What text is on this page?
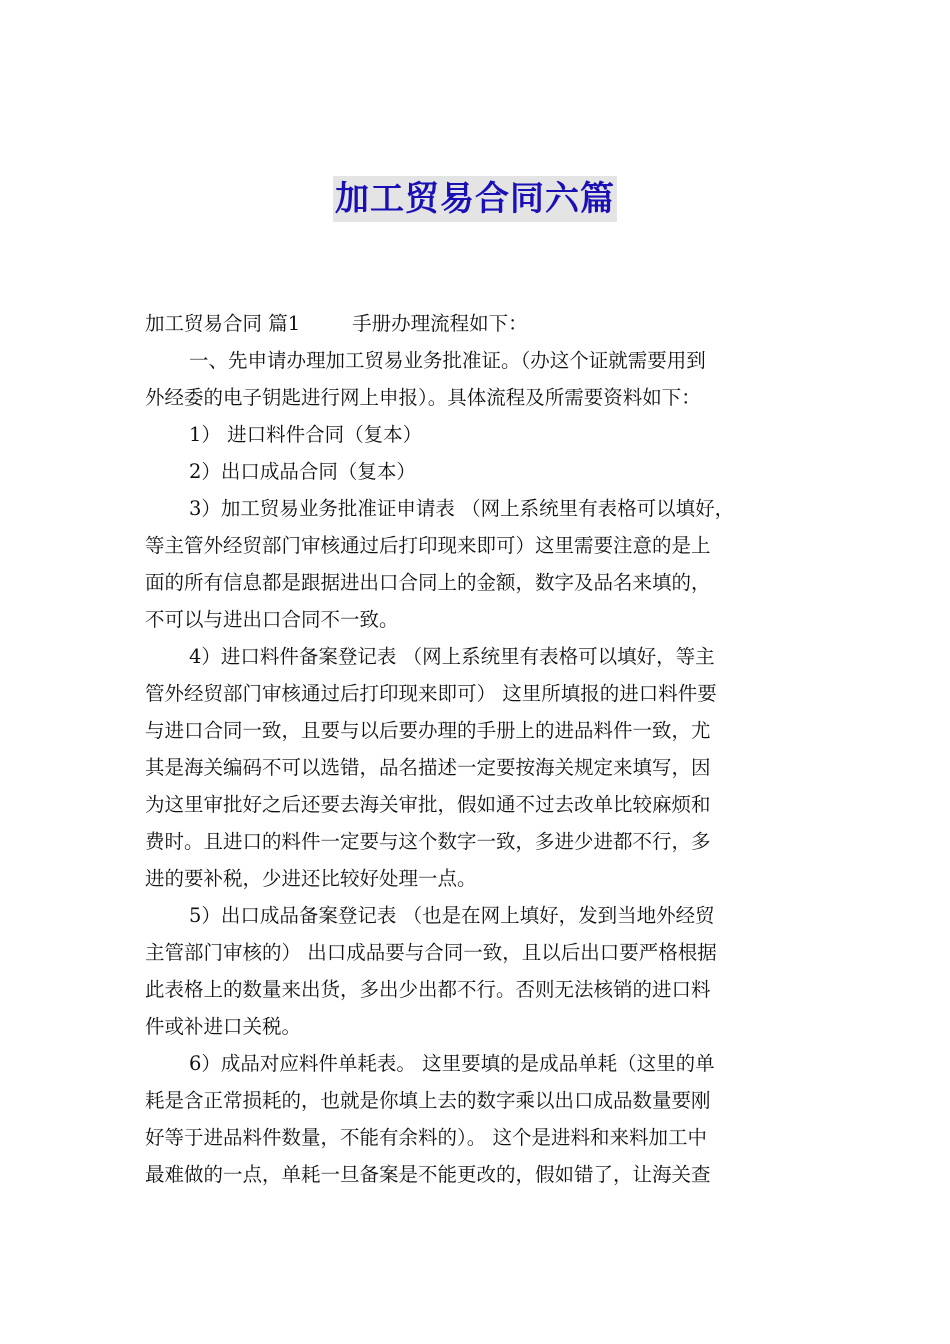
加工贸易合同六篇

加工贸易合同 篇1	手册办理流程如下：

一、先申请办理加工贸易业务批准证。（办这个证就需要用到

外经委的电子钥匙进行网上申报）。具体流程及所需要资料如下：

1） 进口料件合同（复本）

2）出口成品合同（复本）

3）加工贸易业务批准证申请表 （网上系统里有表格可以填好，

等主管外经贸部门审核通过后打印现来即可）这里需要注意的是上

面的所有信息都是跟据进出口合同上的金额，数字及品名来填的，

不可以与进出口合同不一致。

4）进口料件备案登记表 （网上系统里有表格可以填好，等主

管外经贸部门审核通过后打印现来即可） 这里所填报的进口料件要

与进口合同一致，且要与以后要办理的手册上的进品料件一致，尤

其是海关编码不可以选错，品名描述一定要按海关规定来填写，因

为这里审批好之后还要去海关审批，假如通不过去改单比较麻烦和

费时。且进口的料件一定要与这个数字一致，多进少进都不行，多

进的要补税，少进还比较好处理一点。

5）出口成品备案登记表 （也是在网上填好，发到当地外经贸

主管部门审核的） 出口成品要与合同一致，且以后出口要严格根据

此表格上的数量来出货，多出少出都不行。否则无法核销的进口料

件或补进口关税。

6）成品对应料件单耗表。 这里要填的是成品单耗（这里的单

耗是含正常损耗的，也就是你填上去的数字乘以出口成品数量要刚

好等于进品料件数量，不能有余料的）。 这个是进料和来料加工中

最难做的一点，单耗一旦备案是不能更改的，假如错了，让海关查
